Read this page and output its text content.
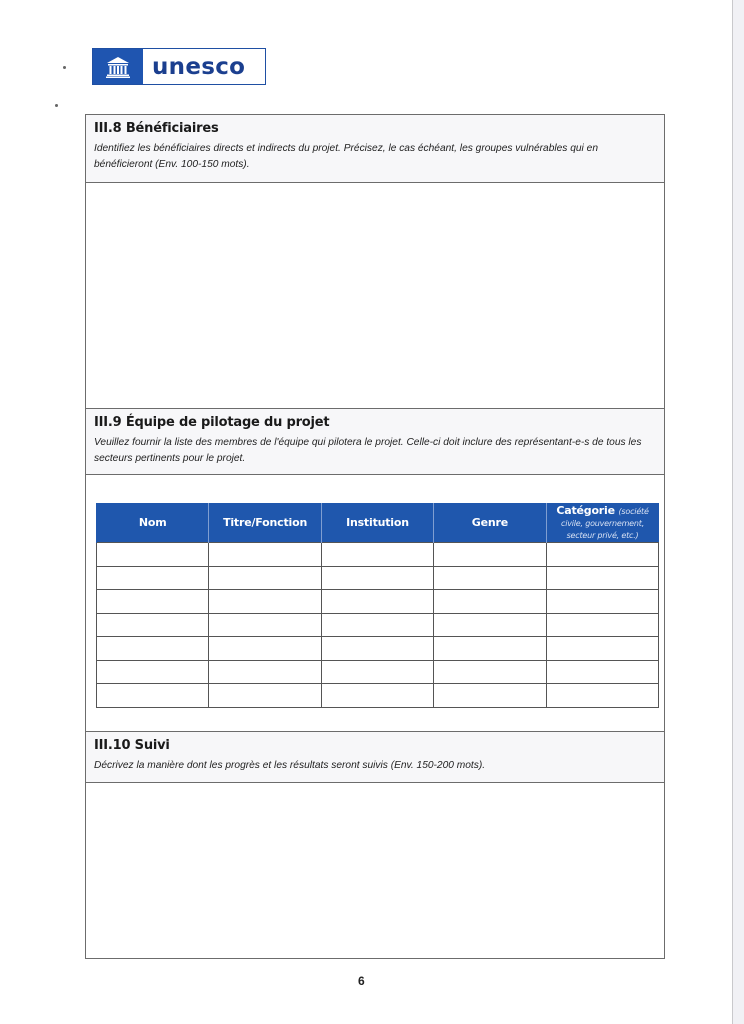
unesco

III.8 Bénéficiaires

Identifiez les bénéficiaires directs et indirects du projet. Précisez, le cas échéant, les groupes vulnérables qui en bénéficieront (Env. 100-150 mots).

III.9 Équipe de pilotage du projet

Veuillez fournir la liste des membres de l'équipe qui pilotera le projet. Celle-ci doit inclure des représentant-e-s de tous les secteurs pertinents pour le projet.

Nom	Titre/Fonction	Institution	Genre	Catégorie (société civile, gouvernement, secteur privé, etc.)

III.10 Suivi

Décrivez la manière dont les progrès et les résultats seront suivis (Env. 150-200 mots).

6
